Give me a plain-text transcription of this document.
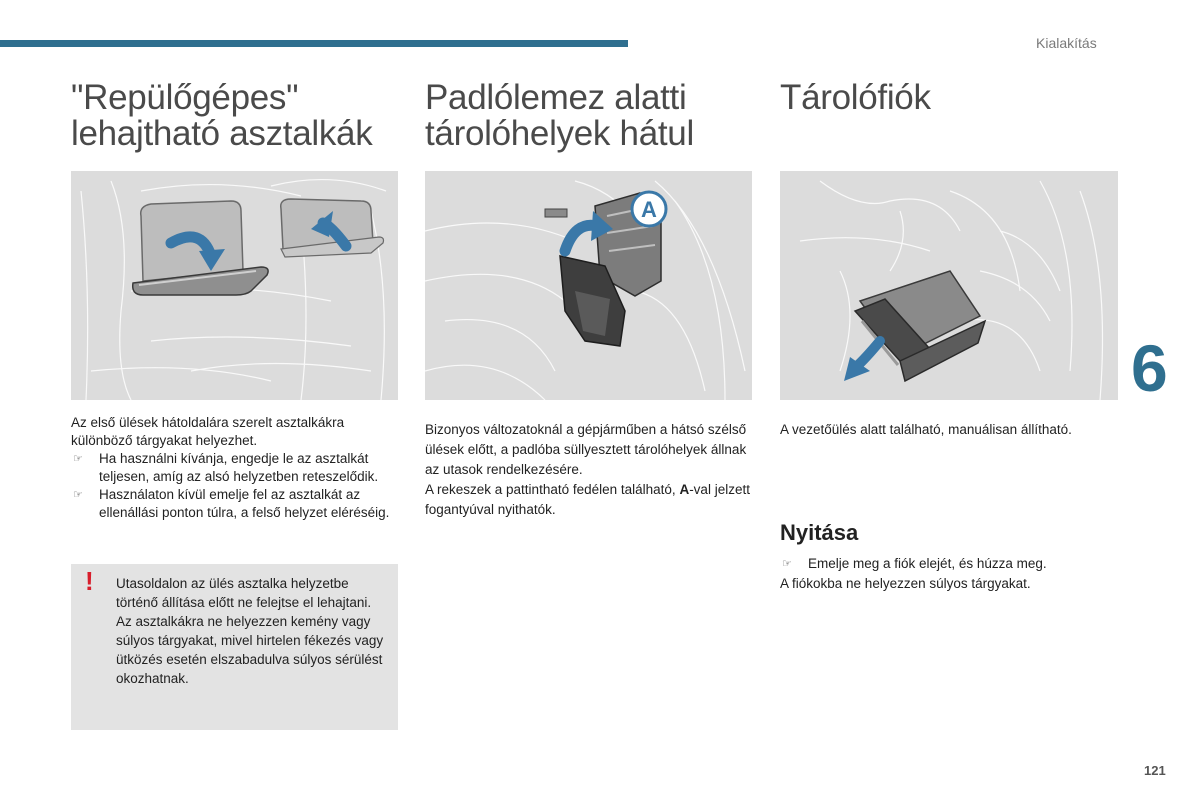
Kialakítás
"Repülőgépes"
lehajtható asztalkák

Az első ülések hátoldalára szerelt asztalkákra különböző tárgyakat helyezhet.

☞ Ha használni kívánja, engedje le az asztalkát teljesen, amíg az alsó helyzetben reteszelődik.

☞ Használaton kívül emelje fel az asztalkát az ellenállási ponton túlra, a felső helyzet eléréséig.

! Utasoldalon az ülés asztalka helyzetbe történő állítása előtt ne felejtse el lehajtani.
Az asztalkákra ne helyezzen kemény vagy súlyos tárgyakat, mivel hirtelen fékezés vagy ütközés esetén elszabadulva súlyos sérülést okozhatnak.
Padlólemez alatti
tárolóhelyek hátul
A

Bizonyos változatoknál a gépjárműben a hátsó szélső ülések előtt, a padlóba süllyesztett tárolóhelyek állnak az utasok rendelkezésére.

A rekeszek a pattintható fedélen található, A-val jelzett fogantyúval nyithatók.

Tárolófiók

A vezetőülés alatt található, manuálisan állítható.

Nyitása

☞ Emelje meg a fiók elejét, és húzza meg.

A fiókokba ne helyezzen súlyos tárgyakat.

6
121
